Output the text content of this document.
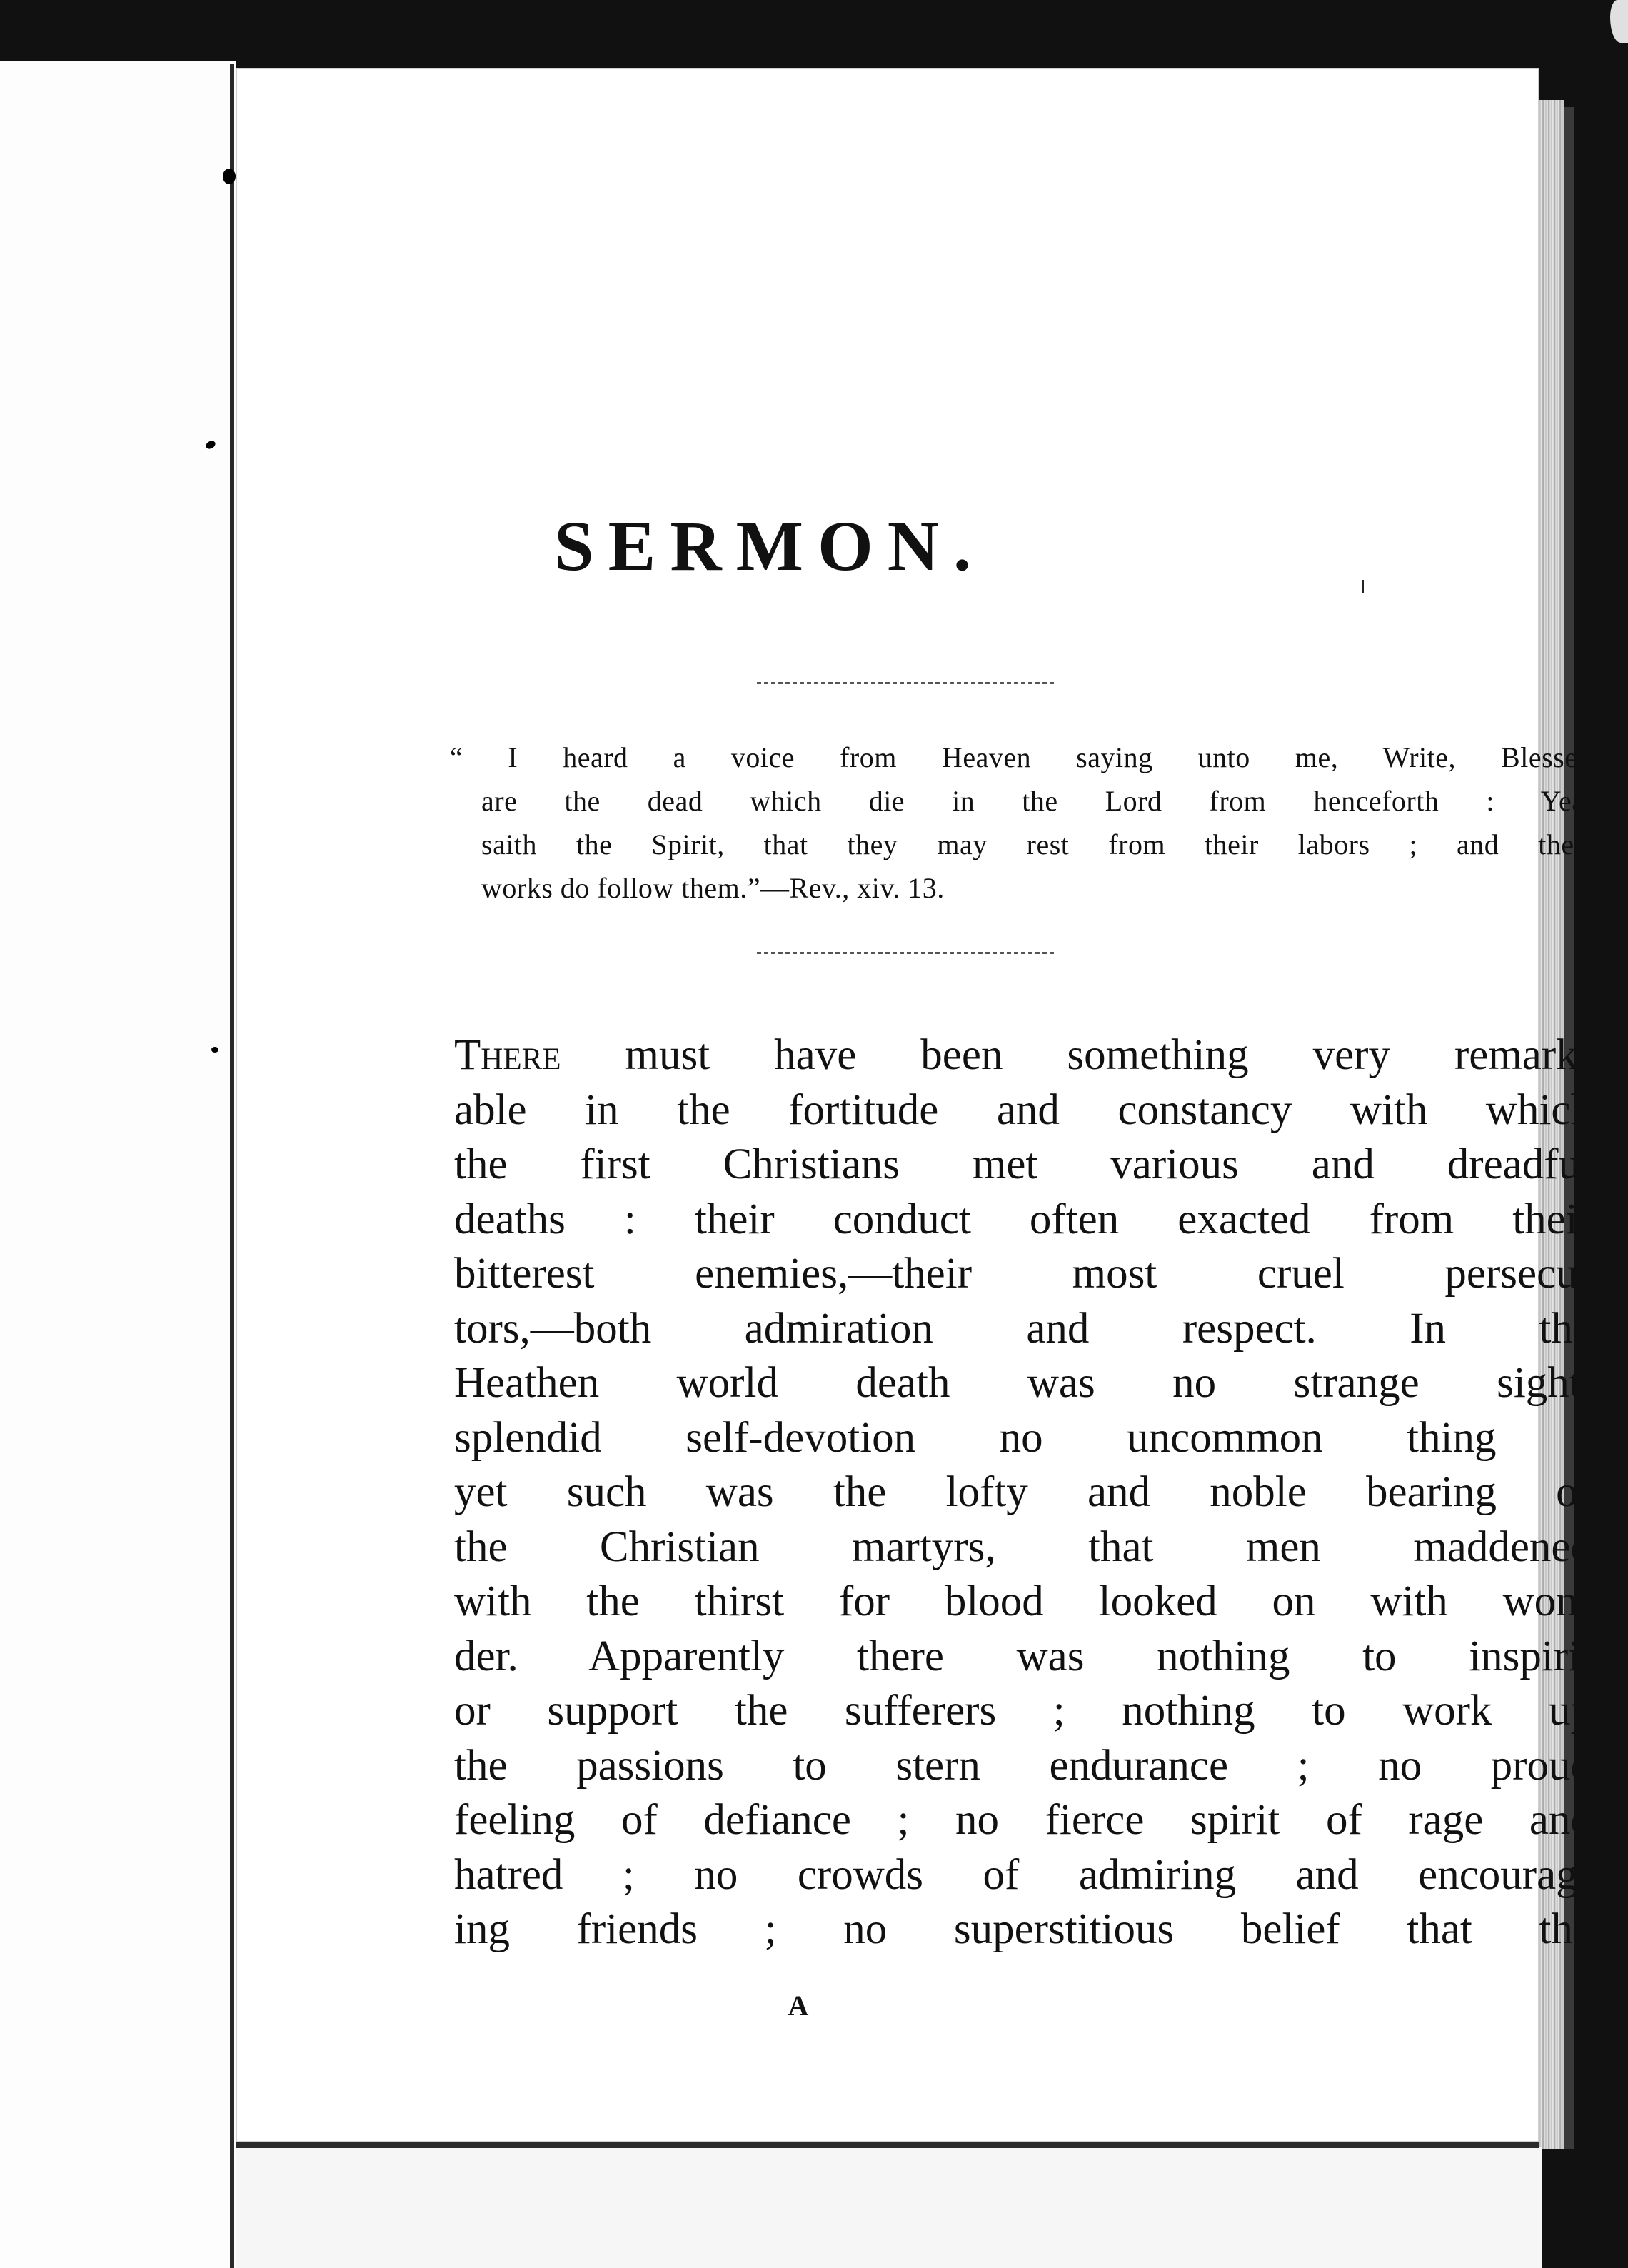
SERMON.
“ I heard a voice from Heaven saying unto me, Write, Blessed
are the dead which die in the Lord from henceforth : Yea,
saith the Spirit, that they may rest from their labors ; and their
works do follow them.”—Rev., xiv. 13.
There must have been something very remark-
able in the fortitude and constancy with which
the first Christians met various and dreadful
deaths : their conduct often exacted from their
bitterest enemies,—their most cruel persecu-
tors,—both admiration and respect. In the
Heathen world death was no strange sight,
splendid self-devotion no uncommon thing ;
yet such was the lofty and noble bearing of
the Christian martyrs, that men maddened
with the thirst for blood looked on with won-
der. Apparently there was nothing to inspirit
or support the sufferers ; nothing to work up
the passions to stern endurance ; no proud
feeling of defiance ; no fierce spirit of rage and
hatred ; no crowds of admiring and encourag-
ing friends ; no superstitious belief that the
A
